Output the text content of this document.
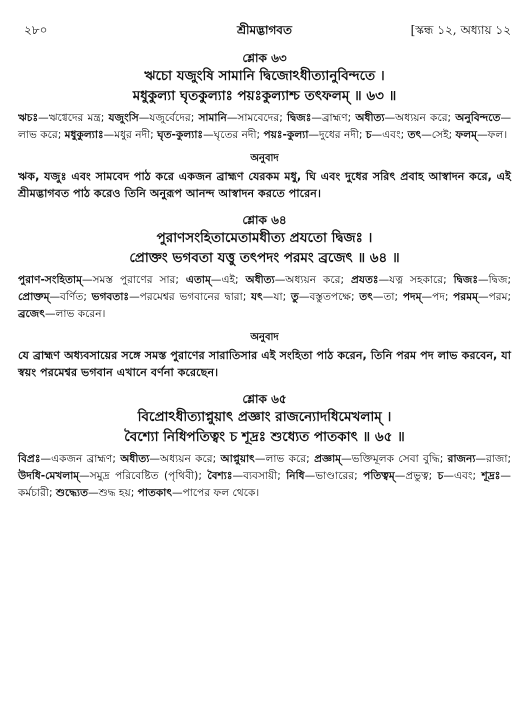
২৮০	শ্রীমদ্ভাগবত	[স্কন্ধ ১২, অধ্যায় ১২
শ্লোক ৬৩
ঋচো যজুংষি সামানি দ্বিজোঽধীত্যানুবিন্দতে ।
মধুকুল্যা ঘৃতকুল্যাঃ পয়ঃকুল্যাশ্চ তৎফলম্ ॥ ৬৩ ॥
ঋচঃ—ঋগ্বেদের মন্ত্র; যজুংসি—যজুর্বেদের; সামানি—সামবেদের; দ্বিজঃ—ব্রাহ্মণ; অধীত্য—অধ্যয়ন করে; অনুবিন্দতে—লাভ করে; মধুকুল্যাঃ—মধুর নদী; ঘৃত-কুল্যাঃ—ঘৃতের নদী; পয়ঃ-কুল্যা—দুধের নদী; চ—এবং; তৎ—সেই; ফলম্—ফল।
অনুবাদ
ঋক, যজুঃ এবং সামবেদ পাঠ করে একজন ব্রাহ্মণ যেরকম মধু, ঘি এবং দুধের সরিৎ প্রবাহ আস্বাদন করে, এই শ্রীমদ্ভাগবত পাঠ করেও তিনি অনুরূপ আনন্দ আস্বাদন করতে পারেন।
শ্লোক ৬৪
পুরাণসংহিতামেতামধীত্য প্রযতো দ্বিজঃ ।
প্রোক্তং ভগবতা যত্তু তৎপদং পরমং ব্রজেৎ ॥ ৬৪ ॥
পুরাণ-সংহিতাম্—সমস্ত পুরাণের সার; এতাম্—এই; অধীত্য—অধ্যয়ন করে; প্রযতঃ—যত্ন সহকারে; দ্বিজঃ—দ্বিজ; প্রোক্তম্—বর্ণিত; ভগবতাঃ—পরমেশ্বর ভগবানের দ্বারা; যৎ—যা; তু—বস্তুতপক্ষে; তৎ—তা; পদম্—পদ; পরমম্—পরম; ব্রজেৎ—লাভ করেন।
অনুবাদ
যে ব্রাহ্মণ অধ্যবসায়ের সঙ্গে সমস্ত পুরাণের সারাতিসার এই সংহিতা পাঠ করেন, তিনি পরম পদ লাভ করবেন, যা স্বয়ং পরমেশ্বর ভগবান এখানে বর্ণনা করেছেন।
শ্লোক ৬৫
বিপ্রোঽধীত্যাপ্নুয়াৎ প্রজ্ঞাং রাজন্যোদধিমেখলাম্ ।
বৈশ্যো নিধিপতিত্বং চ শূদ্রঃ শুধ্যেত পাতকাৎ ॥ ৬৫ ॥
বিপ্রঃ—একজন ব্রাহ্মণ; অধীত্য—অধ্যয়ন করে; আপ্নুয়াৎ—লাভ করে; প্রজ্ঞাম্—ভক্তিমূলক সেবা বুদ্ধি; রাজন্য—রাজা; উদধি-মেখলাম্—সমুদ্র পরিবেষ্টিত (পৃথিবী); বৈশ্যঃ—ব্যবসায়ী; নিধি—ভাণ্ডারের; পতিত্বম্—প্রভুত্ব; চ—এবং; শূদ্রঃ—কর্মচারী; শুদ্ধ্যেত—শুদ্ধ হয়; পাতকাৎ—পাপের ফল থেকে।
